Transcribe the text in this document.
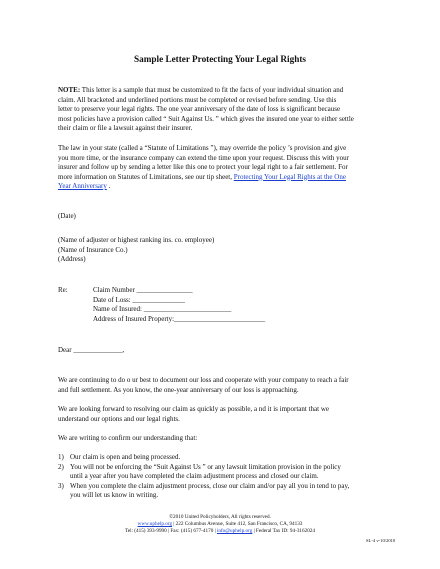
Sample Letter Protecting Your Legal Rights

NOTE: This letter is a sample that must be customized to fit the facts of your individual situation and

claim. All bracketed and underlined portions must be completed or revised before sending. Use this

letter to preserve your legal rights. The one year anniversary of the date of loss is significant because

most policies have a provision called “ Suit Against Us. ” which gives the insured one year to either settle

their claim or file a lawsuit against their insurer.

The law in your state (called a “Statute of Limitations ”), may override the policy ’s provision and give

you more time, or the insurance company can extend the time upon your request. Discuss this with your

insurer and follow up by sending a letter like this one to protect your legal right to a fair settlement. For

more information on Statutes of Limitations, see our tip sheet, Protecting Your Legal Rights at the One

Year Anniversary .

(Date)

(Name of adjuster or highest ranking ins. co. employee)

(Name of Insurance Co.)

(Address)

Re:	Claim Number ________________

Date of Loss: _______________

Name of Insured: _________________________

Address of Insured Property:__________________________

Dear ______________,

We are continuing to do o ur best to document our loss and cooperate with your company to reach a fair

and full settlement. As you know, the one-year anniversary of our loss is approaching.

We are looking forward to resolving our claim as quickly as possible, a nd it is important that we

understand our options and our legal rights.

We are writing to confirm our understanding that:

1) Our claim is open and being processed.

2) You will not be enforcing the “Suit Against Us ” or any lawsuit limitation provision in the policy

until a year after you have completed the claim adjustment process and closed our claim.

3) When you complete the claim adjustment process, close our claim and/or pay all you in tend to pay,

you will let us know in writing.

©2010 United Policyholders, All rights reserved.
www.uphelp.org | 222 Columbus Avenue, Suite 412, San Francisco, CA, 94133
Tel: (415) 393-9990 | Fax: (415) 677-4170 | info@uphelp.org | Federal Tax ID: 94-3162024
SL-4 v-10/2010
